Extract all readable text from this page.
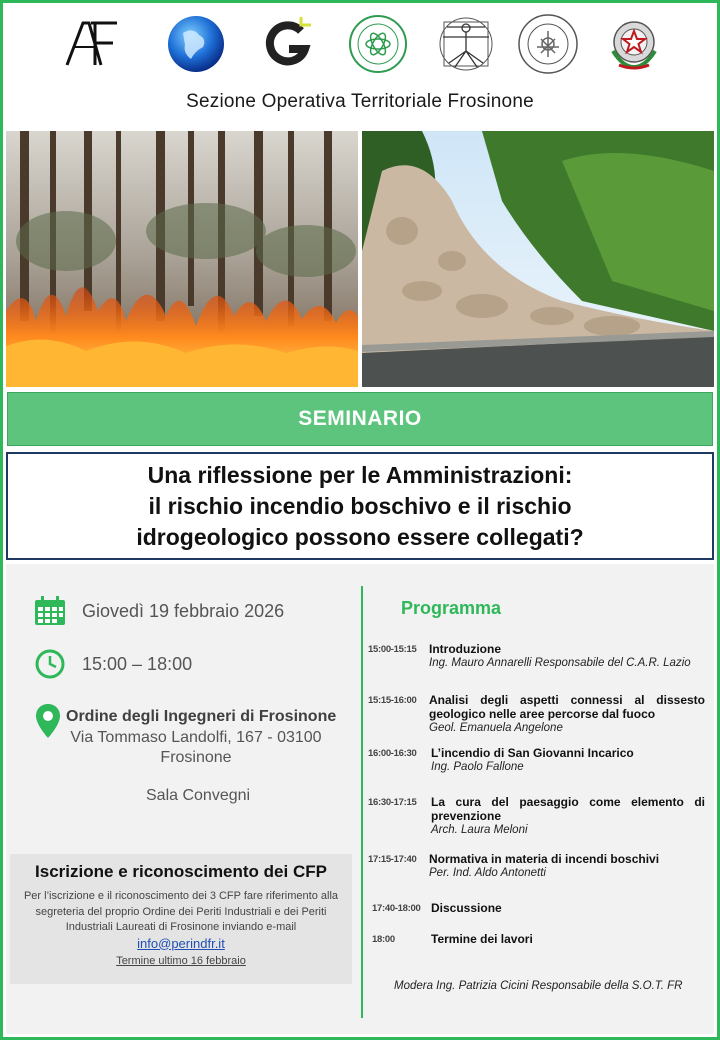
Sezione Operativa Territoriale Frosinone
SEMINARIO
Una riflessione per le Amministrazioni:
il rischio incendio boschivo e il rischio
idrogeologico possono essere collegati?
Giovedì 19 febbraio 2026
15:00 – 18:00
Ordine degli Ingegneri di Frosinone
Via Tommaso Landolfi, 167 - 03100
Frosinone
Sala Convegni
Iscrizione e riconoscimento dei CFP
Per l’iscrizione e il riconoscimento dei 3 CFP fare riferimento alla segreteria del proprio Ordine dei Periti Industriali e dei Periti Industriali Laureati di Frosinone inviando e-mail
info@perindfr.it
Termine ultimo 16 febbraio
Programma
15:00-15:15 Introduzione
Ing. Mauro Annarelli Responsabile del C.A.R. Lazio
15:15-16:00 Analisi degli aspetti connessi al dissesto geologico nelle aree percorse dal fuoco
Geol. Emanuela Angelone
16:00-16:30 L’incendio di San Giovanni Incarico
Ing. Paolo Fallone
16:30-17:15 La cura del paesaggio come elemento di prevenzione
Arch. Laura Meloni
17:15-17:40 Normativa in materia di incendi boschivi
Per. Ind. Aldo Antonetti
17:40-18:00 Discussione
18:00	Termine dei lavori
Modera Ing. Patrizia Cicini Responsabile della S.O.T. FR
